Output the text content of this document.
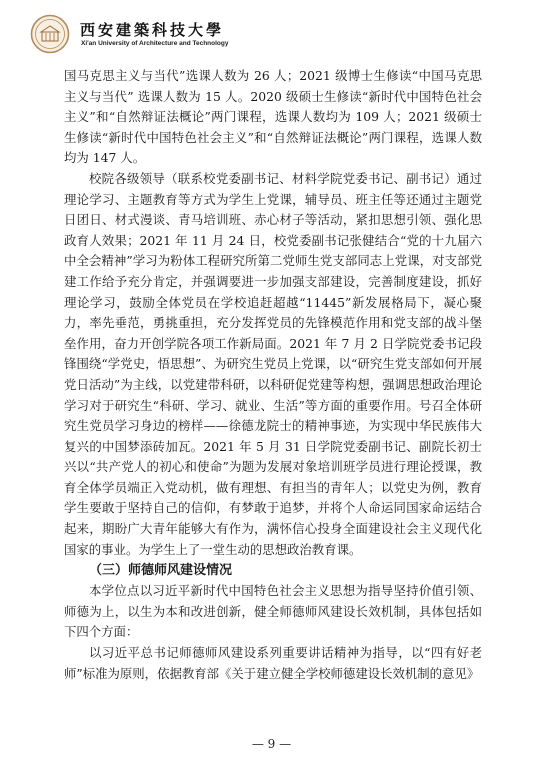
西安建築科技大學
Xi'an University of Architecture and Technology

国马克思主义与当代”选课人数为 26 人；2021 级博士生修读“中国马克思主义与当代” 选课人数为 15 人。2020 级硕士生修读“新时代中国特色社会主义”和“自然辩证法概论”两门课程，选课人数均为 109 人；2021 级硕士生修读“新时代中国特色社会主义”和“自然辩证法概论”两门课程，选课人数均为 147 人。

校院各级领导（联系校党委副书记、材料学院党委书记、副书记）通过理论学习、主题教育等方式为学生上党课，辅导员、班主任等还通过主题党日团日、材式漫谈、青马培训班、赤心材子等活动，紧扣思想引领、强化思政育人效果；2021 年 11 月 24 日，校党委副书记张健结合“党的十九届六中全会精神”学习为粉体工程研究所第二党师生党支部同志上党课，对支部党建工作给予充分肯定，并强调要进一步加强支部建设，完善制度建设，抓好理论学习，鼓励全体党员在学校追赶超越“11445”新发展格局下，凝心聚力，率先垂范，勇挑重担，充分发挥党员的先锋模范作用和党支部的战斗堡垒作用，奋力开创学院各项工作新局面。2021 年 7 月 2 日学院党委书记段锋围绕“学党史，悟思想”、为研究生党员上党课，以“研究生党支部如何开展党日活动”为主线，以党建带科研，以科研促党建等构想，强调思想政治理论学习对于研究生“科研、学习、就业、生活”等方面的重要作用。号召全体研究生党员学习身边的榜样——徐德龙院士的精神事迹，为实现中华民族伟大复兴的中国梦添砖加瓦。2021 年 5 月 31 日学院党委副书记、副院长初士兴以“共产党人的初心和使命”为题为发展对象培训班学员进行理论授课，教育全体学员端正入党动机，做有理想、有担当的青年人；以党史为例，教育学生要敢于坚持自己的信仰，有梦敢于追梦，并将个人命运同国家命运结合起来，期盼广大青年能够大有作为，满怀信心投身全面建设社会主义现代化国家的事业。为学生上了一堂生动的思想政治教育课。

（三）师德师风建设情况

本学位点以习近平新时代中国特色社会主义思想为指导坚持价值引领、师德为上，以生为本和改进创新，健全师德师风建设长效机制，具体包括如下四个方面：

以习近平总书记师德师风建设系列重要讲话精神为指导，以“四有好老师”标准为原则，依据教育部《关于建立健全学校师德建设长效机制的意见》

— 9 —
